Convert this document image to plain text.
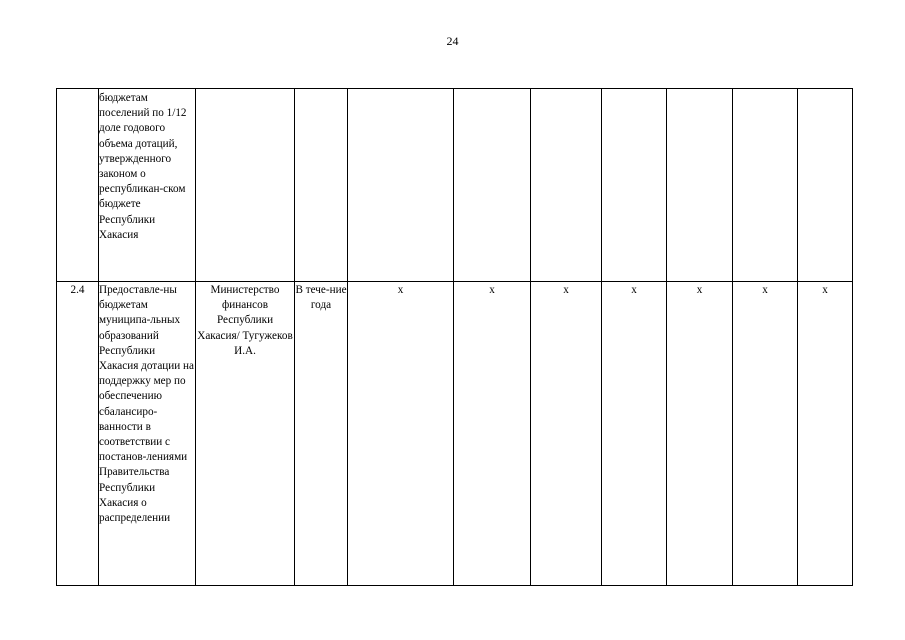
24
	бюджетам поселений по 1/12 доле годового объема дотаций, утвержденного законом о республикан-ском бюджете Республики Хакасия									
2.4	Предоставле-ны бюджетам муниципа-льных образований Республики Хакасия дотации на поддержку мер по обеспечению сбалансиро-ванности в соответствии с постанов-лениями Правительства Республики Хакасия о распределении	Министерство финансов Республики Хакасия/ Тугужеков И.А.	В тече-ние года	х	х	х	х	х	х	х
